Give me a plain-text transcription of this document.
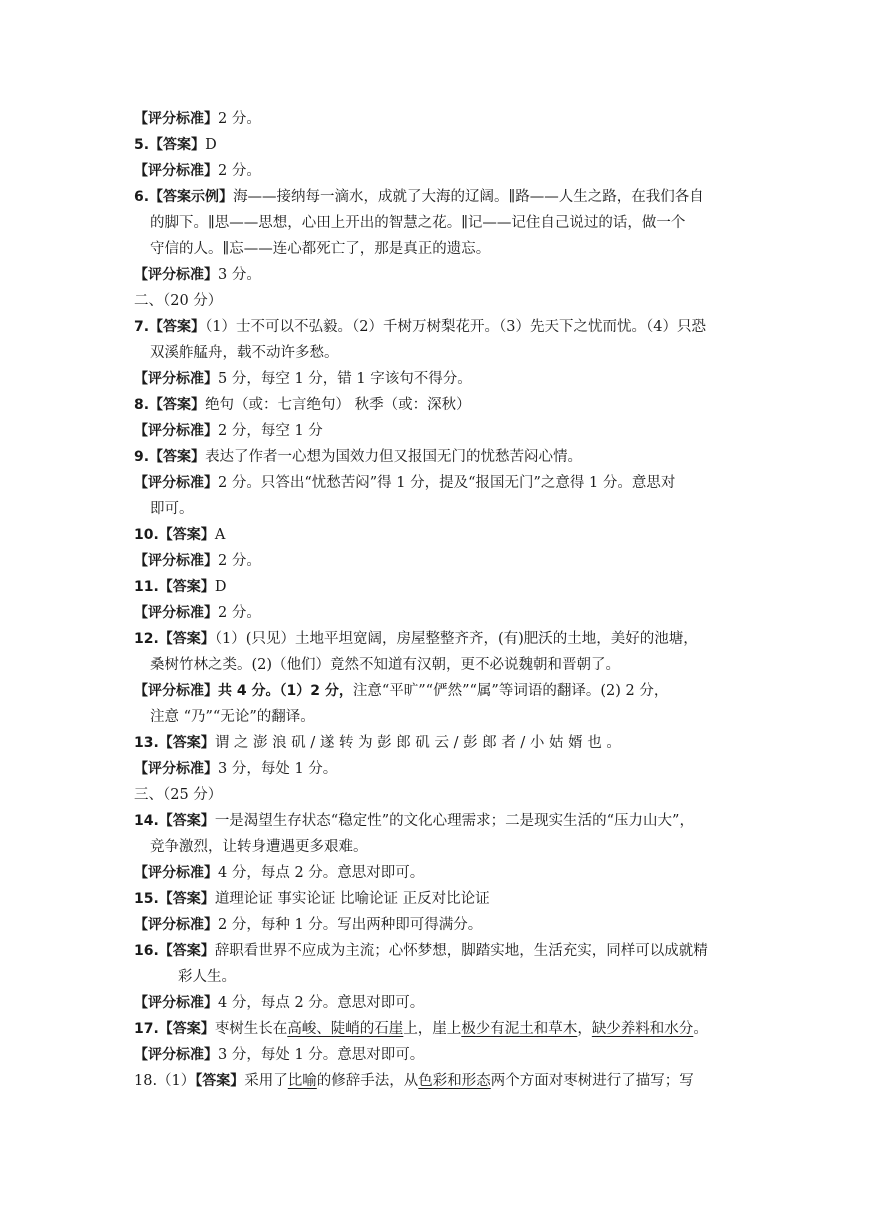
【评分标准】2 分。
5.【答案】D
【评分标准】2 分。
6.【答案示例】海——接纳每一滴水，成就了大海的辽阔。∥路——人生之路，在我们各自
的脚下。∥思——思想，心田上开出的智慧之花。∥记——记住自己说过的话，做一个
守信的人。∥忘——连心都死亡了，那是真正的遗忘。
【评分标准】3 分。
二、（20 分）
7.【答案】（1）士不可以不弘毅。（2）千树万树梨花开。（3）先天下之忧而忧。（4）只恐
双溪舴艋舟，载不动许多愁。
【评分标准】5 分，每空 1 分，错 1 字该句不得分。
8.【答案】绝句（或：七言绝句） 秋季（或：深秋）
【评分标准】2 分，每空 1 分
9.【答案】表达了作者一心想为国效力但又报国无门的忧愁苦闷心情。
【评分标准】2 分。只答出“忧愁苦闷”得 1 分，提及“报国无门”之意得 1 分。意思对
即可。
10.【答案】A
【评分标准】2 分。
11.【答案】D
【评分标准】2 分。
12.【答案】（1）(只见）土地平坦宽阔，房屋整整齐齐，(有)肥沃的土地，美好的池塘，
桑树竹林之类。(2)（他们）竟然不知道有汉朝，更不必说魏朝和晋朝了。
【评分标准】共 4 分。（1）2 分，注意“平旷”“俨然”“属”等词语的翻译。(2) 2 分，
注意 “乃”“无论”的翻译。
13.【答案】谓 之 澎 浪 矶 / 遂 转 为 彭 郎 矶 云 / 彭 郎 者 / 小 姑 婿 也 。
【评分标准】3 分，每处 1 分。
三、（25 分）
14.【答案】一是渴望生存状态“稳定性”的文化心理需求；二是现实生活的“压力山大”，
竞争激烈，让转身遭遇更多艰难。
【评分标准】4 分，每点 2 分。意思对即可。
15.【答案】道理论证 事实论证 比喻论证 正反对比论证
【评分标准】2 分，每种 1 分。写出两种即可得满分。
16.【答案】辞职看世界不应成为主流；心怀梦想，脚踏实地，生活充实，同样可以成就精
彩人生。
【评分标准】4 分，每点 2 分。意思对即可。
17.【答案】枣树生长在高峻、陡峭的石崖上，崖上极少有泥土和草木，缺少养料和水分。
【评分标准】3 分，每处 1 分。意思对即可。
18.（1）【答案】采用了比喻的修辞手法，从色彩和形态两个方面对枣树进行了描写；写
